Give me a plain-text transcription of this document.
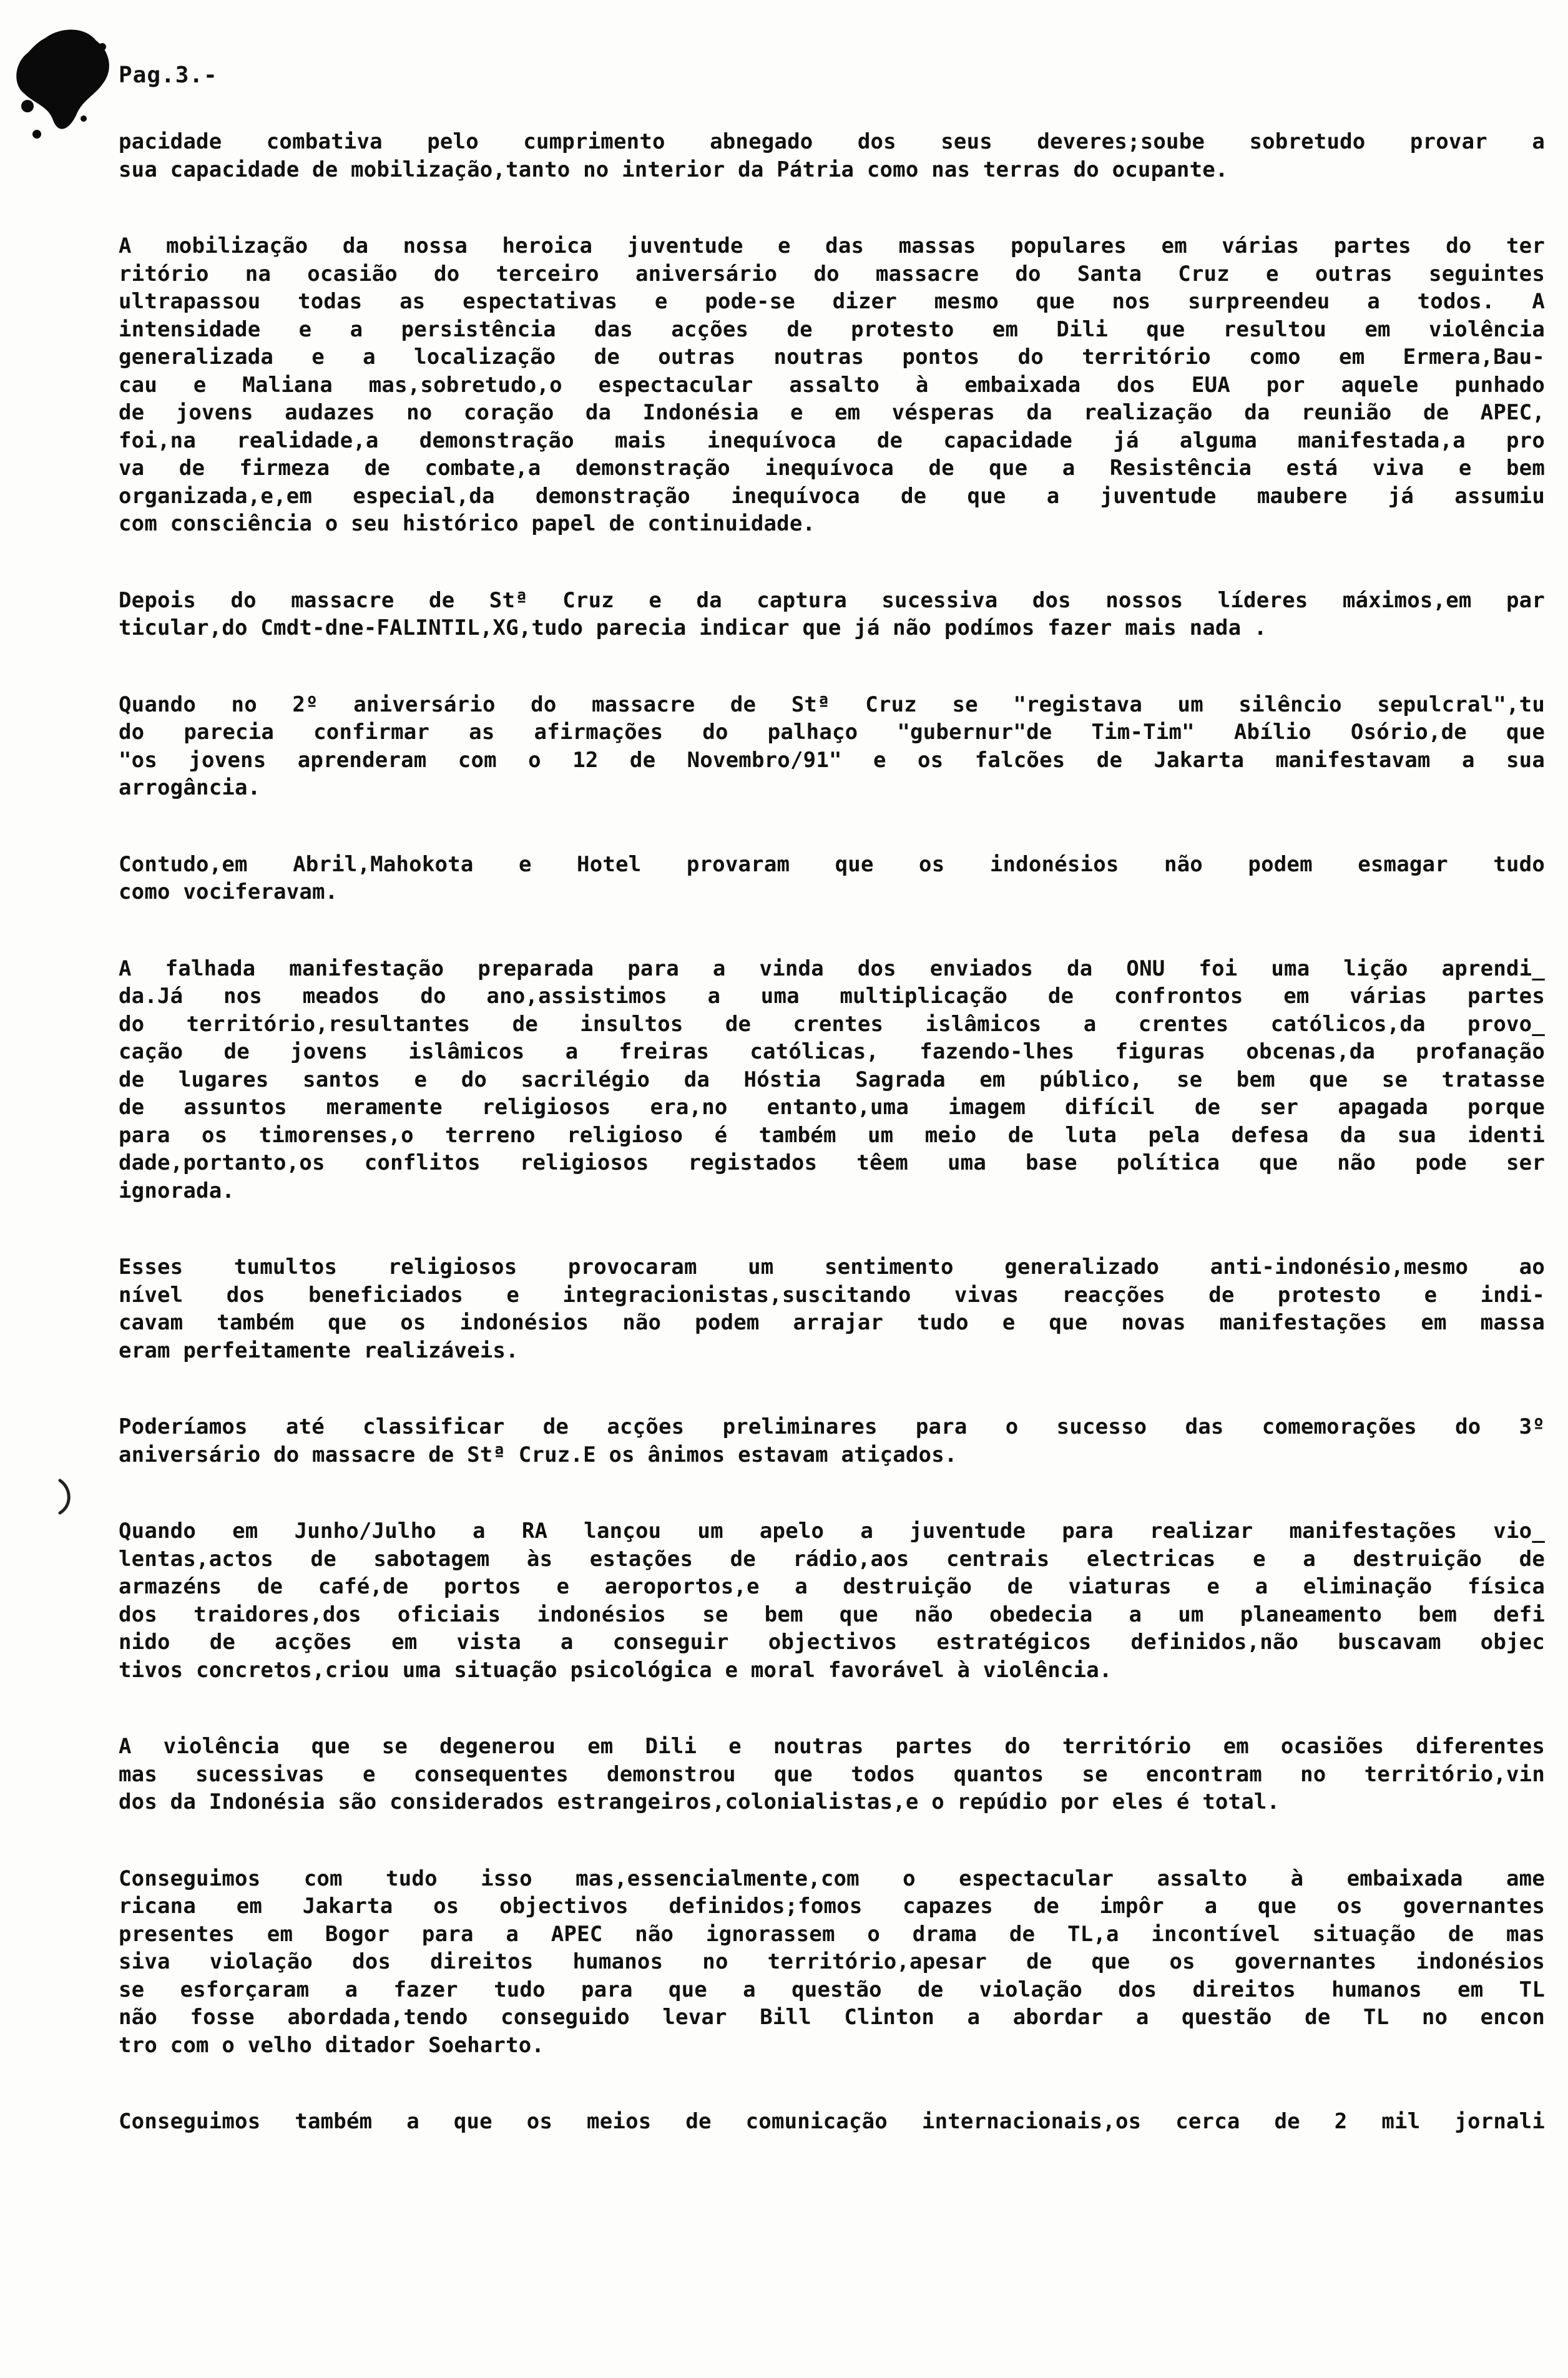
Pag.3.-
pacidade combativa pelo cumprimento abnegado dos seus deveres;soube sobretudo provar a
sua capacidade de mobilização,tanto no interior da Pátria como nas terras do ocupante.
A mobilização da nossa heroica juventude e das massas populares em várias partes do ter
ritório na ocasião do terceiro aniversário do massacre do Santa Cruz e outras seguintes
ultrapassou todas as espectativas e pode-se dizer mesmo que nos surpreendeu a todos. A
intensidade e a persistência das acções de protesto em Dili que resultou em violência
generalizada e a localização de outras noutras pontos do território como em Ermera,Bau-
cau e Maliana mas,sobretudo,o espectacular assalto à embaixada dos EUA por aquele punhado
de jovens audazes no coração da Indonésia e em vésperas da realização da reunião de APEC,
foi,na realidade,a demonstração mais inequívoca de capacidade já alguma manifestada,a pro
va de firmeza de combate,a demonstração inequívoca de que a Resistência está viva e bem
organizada,e,em especial,da demonstração inequívoca de que a juventude maubere já assumiu
com consciência o seu histórico papel de continuidade.
Depois do massacre de Stª Cruz e da captura sucessiva dos nossos líderes máximos,em par
ticular,do Cmdt-dne-FALINTIL,XG,tudo parecia indicar que já não podímos fazer mais nada .
Quando no 2º aniversário do massacre de Stª Cruz se "registava um silêncio sepulcral",tu
do parecia confirmar as afirmações do palhaço "gubernur"de Tim-Tim" Abílio Osório,de que
"os jovens aprenderam com o 12 de Novembro/91" e os falcões de Jakarta manifestavam a sua
arrogância.
Contudo,em Abril,Mahokota e Hotel provaram que os indonésios não podem esmagar tudo
como vociferavam.
A falhada manifestação preparada para a vinda dos enviados da ONU foi uma lição aprendi_
da.Já nos meados do ano,assistimos a uma multiplicação de confrontos em várias partes
do território,resultantes de insultos de crentes islâmicos a crentes católicos,da provo_
cação de jovens islâmicos a freiras católicas, fazendo-lhes figuras obcenas,da profanação
de lugares santos e do sacrilégio da Hóstia Sagrada em público, se bem que se tratasse
de assuntos meramente religiosos era,no entanto,uma imagem difícil de ser apagada porque
para os timorenses,o terreno religioso é também um meio de luta pela defesa da sua identi
dade,portanto,os conflitos religiosos registados têem uma base política que não pode ser
ignorada.
Esses tumultos religiosos provocaram um sentimento generalizado anti-indonésio,mesmo ao
nível dos beneficiados e integracionistas,suscitando vivas reacções de protesto e indi-
cavam também que os indonésios não podem arrajar tudo e que novas manifestações em massa
eram perfeitamente realizáveis.
Poderíamos até classificar de acções preliminares para o sucesso das comemorações do 3º
aniversário do massacre de Stª Cruz.E os ânimos estavam atiçados.
Quando em Junho/Julho a RA lançou um apelo a juventude para realizar manifestações vio_
lentas,actos de sabotagem às estações de rádio,aos centrais electricas e a destruição de
armazéns de café,de portos e aeroportos,e a destruição de viaturas e a eliminação física
dos traidores,dos oficiais indonésios se bem que não obedecia a um planeamento bem defi
nido de acções em vista a conseguir objectivos estratégicos definidos,não buscavam objec
tivos concretos,criou uma situação psicológica e moral favorável à violência.
A violência que se degenerou em Dili e noutras partes do território em ocasiões diferentes
mas sucessivas e consequentes demonstrou que todos quantos se encontram no território,vin
dos da Indonésia são considerados estrangeiros,colonialistas,e o repúdio por eles é total.
Conseguimos com tudo isso mas,essencialmente,com o espectacular assalto à embaixada ame
ricana em Jakarta os objectivos definidos;fomos capazes de impôr a que os governantes
presentes em Bogor para a APEC não ignorassem o drama de TL,a incontível situação de mas
siva violação dos direitos humanos no território,apesar de que os governantes indonésios
se esforçaram a fazer tudo para que a questão de violação dos direitos humanos em TL
não fosse abordada,tendo conseguido levar Bill Clinton a abordar a questão de TL no encon
tro com o velho ditador Soeharto.
Conseguimos também a que os meios de comunicação internacionais,os cerca de 2 mil jornali
